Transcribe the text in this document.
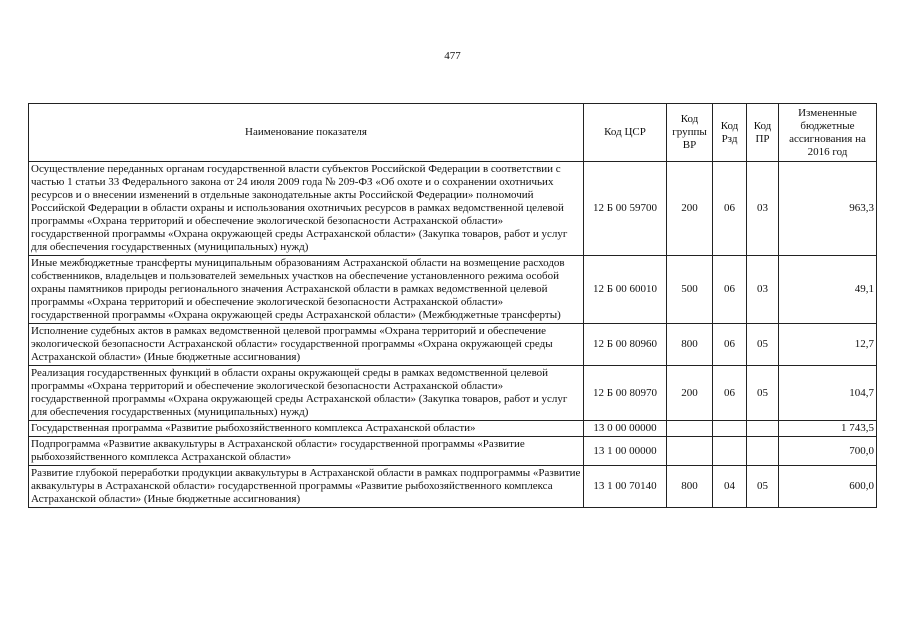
477
Наименование показателя	Код ЦСР	Код группы ВР	Код Рзд	Код ПР	Измененные бюджетные ассигнования на 2016 год
Осуществление переданных органам государственной власти субъектов Российской Федерации в соответствии с частью 1 статьи 33 Федерального закона от 24 июля 2009 года № 209-ФЗ «Об охоте и о сохранении охотничьих ресурсов и о внесении изменений в отдельные законодательные акты Российской Федерации» полномочий Российской Федерации в области охраны и использования охотничьих ресурсов в рамках ведомственной целевой программы «Охрана территорий и обеспечение экологической безопасности Астраханской области» государственной программы «Охрана окружающей среды Астраханской области» (Закупка товаров, работ и услуг для обеспечения государственных (муниципальных) нужд)	12 Б 00 59700	200	06	03	963,3
Иные межбюджетные трансферты муниципальным образованиям Астраханской области на возмещение расходов собственников, владельцев и пользователей земельных участков на обеспечение установленного режима особой охраны памятников природы регионального значения Астраханской области в рамках ведомственной целевой программы «Охрана территорий и обеспечение экологической безопасности Астраханской области» государственной программы «Охрана окружающей среды Астраханской области» (Межбюджетные трансферты)	12 Б 00 60010	500	06	03	49,1
Исполнение судебных актов в рамках ведомственной целевой программы «Охрана территорий и обеспечение экологической безопасности Астраханской области» государственной программы «Охрана окружающей среды Астраханской области» (Иные бюджетные ассигнования)	12 Б 00 80960	800	06	05	12,7
Реализация государственных функций в области охраны окружающей среды в рамках ведомственной целевой программы «Охрана территорий и обеспечение экологической безопасности Астраханской области» государственной программы «Охрана окружающей среды Астраханской области» (Закупка товаров, работ и услуг для обеспечения государственных (муниципальных) нужд)	12 Б 00 80970	200	06	05	104,7
Государственная программа «Развитие рыбохозяйственного комплекса Астраханской области»	13 0 00 00000				1 743,5
Подпрограмма «Развитие аквакультуры в Астраханской области» государственной программы «Развитие рыбохозяйственного комплекса Астраханской области»	13 1 00 00000				700,0
Развитие глубокой переработки продукции аквакультуры в Астраханской области в рамках подпрограммы «Развитие аквакультуры в Астраханской области» государственной программы «Развитие рыбохозяйственного комплекса Астраханской области» (Иные бюджетные ассигнования)	13 1 00 70140	800	04	05	600,0
